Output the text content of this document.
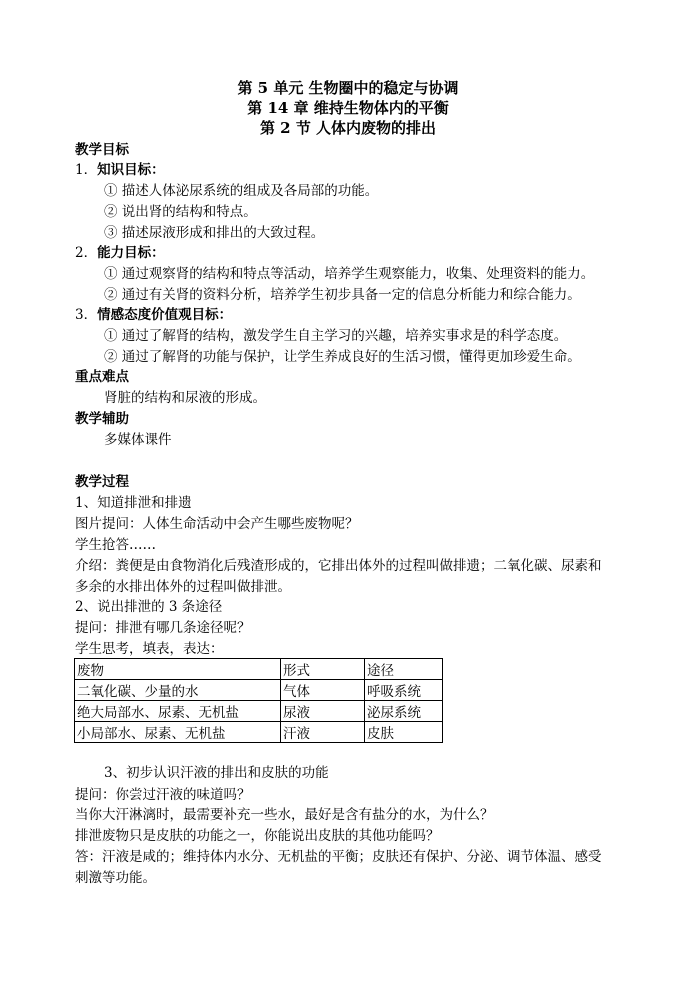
第 5 单元 生物圈中的稳定与协调
第 14 章 维持生物体内的平衡
第 2 节 人体内废物的排出
教学目标
1．知识目标：
① 描述人体泌尿系统的组成及各局部的功能。
② 说出肾的结构和特点。
③ 描述尿液形成和排出的大致过程。
2．能力目标：
① 通过观察肾的结构和特点等活动，培养学生观察能力，收集、处理资料的能力。
② 通过有关肾的资料分析，培养学生初步具备一定的信息分析能力和综合能力。
3．情感态度价值观目标：
① 通过了解肾的结构，激发学生自主学习的兴趣，培养实事求是的科学态度。
② 通过了解肾的功能与保护，让学生养成良好的生活习惯，懂得更加珍爱生命。
重点难点
肾脏的结构和尿液的形成。
教学辅助
多媒体课件
教学过程
1、知道排泄和排遗
图片提问：人体生命活动中会产生哪些废物呢？
学生抢答……
介绍：粪便是由食物消化后残渣形成的，它排出体外的过程叫做排遗；二氧化碳、尿素和
多余的水排出体外的过程叫做排泄。
2、说出排泄的 3 条途径
提问：排泄有哪几条途径呢？
学生思考，填表，表达：
废物	形式	途径
二氧化碳、少量的水	气体	呼吸系统
绝大局部水、尿素、无机盐	尿液	泌尿系统
小局部水、尿素、无机盐	汗液	皮肤
3、初步认识汗液的排出和皮肤的功能
提问：你尝过汗液的味道吗？
当你大汗淋漓时，最需要补充一些水，最好是含有盐分的水，为什么？
排泄废物只是皮肤的功能之一，你能说出皮肤的其他功能吗？
答：汗液是咸的；维持体内水分、无机盐的平衡；皮肤还有保护、分泌、调节体温、感受
刺激等功能。
